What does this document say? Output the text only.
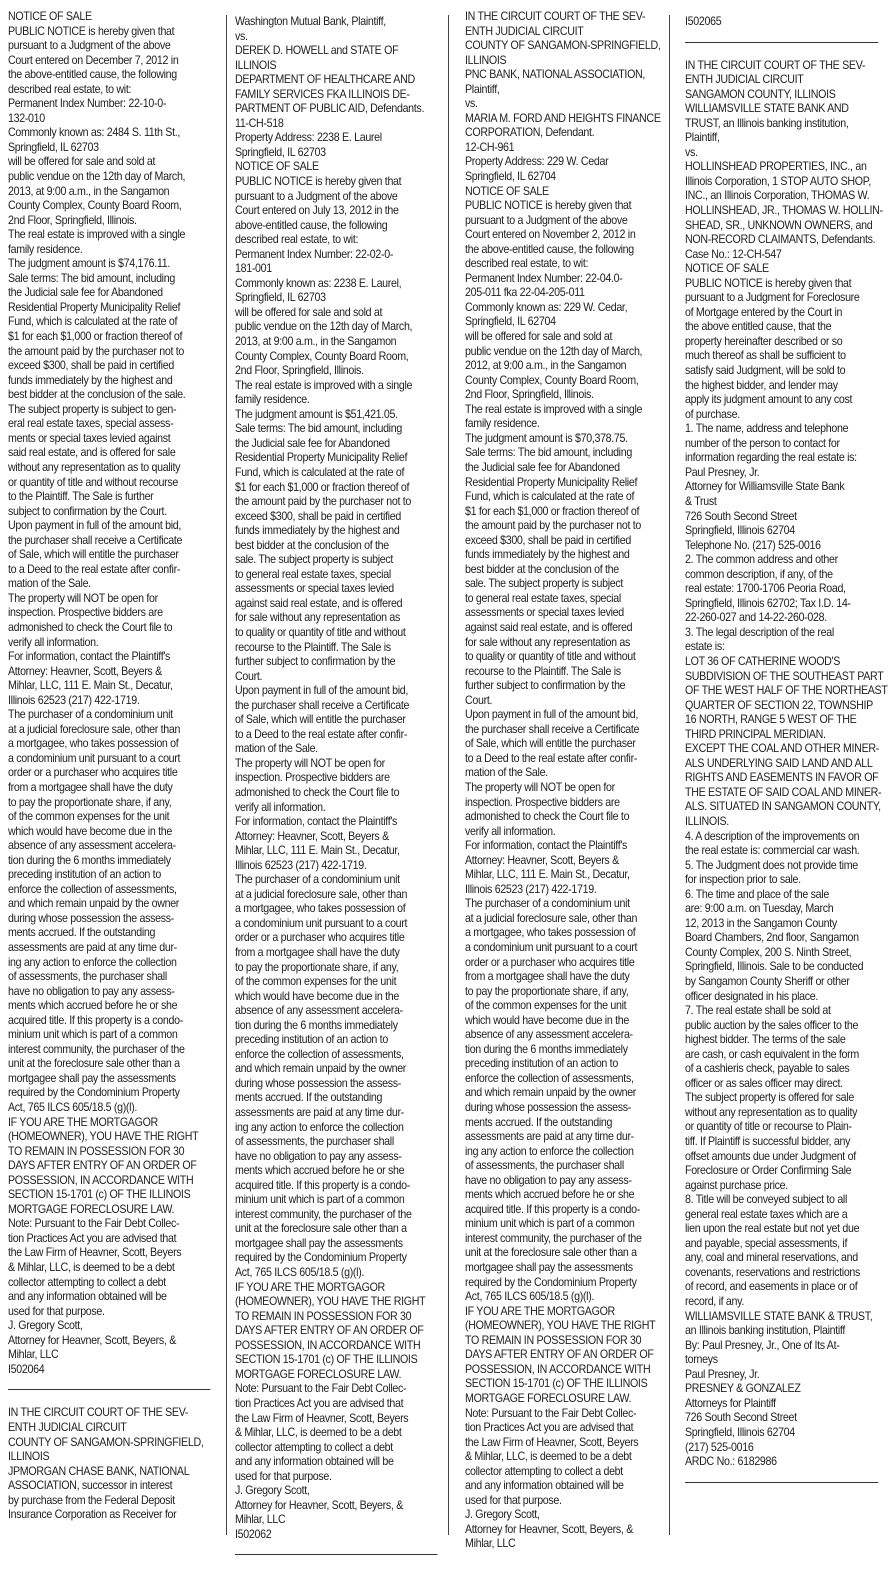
NOTICE OF SALE
PUBLIC NOTICE is hereby given that
pursuant to a Judgment of the above
Court entered on December 7, 2012 in
the above-entitled cause, the following
described real estate, to wit:
Permanent Index Number: 22-10-0-
132-010
Commonly known as: 2484 S. 11th St.,
Springfield, IL 62703
will be offered for sale and sold at
public vendue on the 12th day of March,
2013, at 9:00 a.m., in the Sangamon
County Complex, County Board Room,
2nd Floor, Springfield, Illinois.
The real estate is improved with a single
family residence.
The judgment amount is $74,176.11.
Sale terms: The bid amount, including
the Judicial sale fee for Abandoned
Residential Property Municipality Relief
Fund, which is calculated at the rate of
$1 for each $1,000 or fraction thereof of
the amount paid by the purchaser not to
exceed $300, shall be paid in certified
funds immediately by the highest and
best bidder at the conclusion of the sale.
The subject property is subject to gen-
eral real estate taxes, special assess-
ments or special taxes levied against
said real estate, and is offered for sale
without any representation as to quality
or quantity of title and without recourse
to the Plaintiff. The Sale is further
subject to confirmation by the Court.
Upon payment in full of the amount bid,
the purchaser shall receive a Certificate
of Sale, which will entitle the purchaser
to a Deed to the real estate after confir-
mation of the Sale.
The property will NOT be open for
inspection. Prospective bidders are
admonished to check the Court file to
verify all information.
For information, contact the Plaintiff's
Attorney: Heavner, Scott, Beyers &
Mihlar, LLC, 111 E. Main St., Decatur,
Illinois 62523 (217) 422-1719.
The purchaser of a condominium unit
at a judicial foreclosure sale, other than
a mortgagee, who takes possession of
a condominium unit pursuant to a court
order or a purchaser who acquires title
from a mortgagee shall have the duty
to pay the proportionate share, if any,
of the common expenses for the unit
which would have become due in the
absence of any assessment accelera-
tion during the 6 months immediately
preceding institution of an action to
enforce the collection of assessments,
and which remain unpaid by the owner
during whose possession the assess-
ments accrued. If the outstanding
assessments are paid at any time dur-
ing any action to enforce the collection
of assessments, the purchaser shall
have no obligation to pay any assess-
ments which accrued before he or she
acquired title. If this property is a condo-
minium unit which is part of a common
interest community, the purchaser of the
unit at the foreclosure sale other than a
mortgagee shall pay the assessments
required by the Condominium Property
Act, 765 ILCS 605/18.5 (g)(l).
IF YOU ARE THE MORTGAGOR
(HOMEOWNER), YOU HAVE THE RIGHT
TO REMAIN IN POSSESSION FOR 30
DAYS AFTER ENTRY OF AN ORDER OF
POSSESSION, IN ACCORDANCE WITH
SECTION 15-1701 (c) OF THE ILLINOIS
MORTGAGE FORECLOSURE LAW.
Note: Pursuant to the Fair Debt Collec-
tion Practices Act you are advised that
the Law Firm of Heavner, Scott, Beyers
& Mihlar, LLC, is deemed to be a debt
collector attempting to collect a debt
and any information obtained will be
used for that purpose.
J. Gregory Scott,
Attorney for Heavner, Scott, Beyers, &
Mihlar, LLC
I502064
IN THE CIRCUIT COURT OF THE SEV-
ENTH JUDICIAL CIRCUIT
COUNTY OF SANGAMON-SPRINGFIELD,
ILLINOIS
JPMORGAN CHASE BANK, NATIONAL
ASSOCIATION, successor in interest
by purchase from the Federal Deposit
Insurance Corporation as Receiver for
Washington Mutual Bank, Plaintiff,
vs.
DEREK D. HOWELL and STATE OF
ILLINOIS
DEPARTMENT OF HEALTHCARE AND
FAMILY SERVICES FKA ILLINOIS DE-
PARTMENT OF PUBLIC AID, Defendants.
11-CH-518
Property Address: 2238 E. Laurel
Springfield, IL 62703
NOTICE OF SALE
PUBLIC NOTICE is hereby given that
pursuant to a Judgment of the above
Court entered on July 13, 2012 in the
above-entitled cause, the following
described real estate, to wit:
Permanent Index Number: 22-02-0-
181-001
Commonly known as: 2238 E. Laurel,
Springfield, IL 62703
will be offered for sale and sold at
public vendue on the 12th day of March,
2013, at 9:00 a.m., in the Sangamon
County Complex, County Board Room,
2nd Floor, Springfield, Illinois.
The real estate is improved with a single
family residence.
The judgment amount is $51,421.05.
Sale terms: The bid amount, including
the Judicial sale fee for Abandoned
Residential Property Municipality Relief
Fund, which is calculated at the rate of
$1 for each $1,000 or fraction thereof of
the amount paid by the purchaser not to
exceed $300, shall be paid in certified
funds immediately by the highest and
best bidder at the conclusion of the
sale. The subject property is subject
to general real estate taxes, special
assessments or special taxes levied
against said real estate, and is offered
for sale without any representation as
to quality or quantity of title and without
recourse to the Plaintiff. The Sale is
further subject to confirmation by the
Court.
Upon payment in full of the amount bid,
the purchaser shall receive a Certificate
of Sale, which will entitle the purchaser
to a Deed to the real estate after confir-
mation of the Sale.
The property will NOT be open for
inspection. Prospective bidders are
admonished to check the Court file to
verify all information.
For information, contact the Plaintiff's
Attorney: Heavner, Scott, Beyers &
Mihlar, LLC, 111 E. Main St., Decatur,
Illinois 62523 (217) 422-1719.
The purchaser of a condominium unit
at a judicial foreclosure sale, other than
a mortgagee, who takes possession of
a condominium unit pursuant to a court
order or a purchaser who acquires title
from a mortgagee shall have the duty
to pay the proportionate share, if any,
of the common expenses for the unit
which would have become due in the
absence of any assessment accelera-
tion during the 6 months immediately
preceding institution of an action to
enforce the collection of assessments,
and which remain unpaid by the owner
during whose possession the assess-
ments accrued. If the outstanding
assessments are paid at any time dur-
ing any action to enforce the collection
of assessments, the purchaser shall
have no obligation to pay any assess-
ments which accrued before he or she
acquired title. If this property is a condo-
minium unit which is part of a common
interest community, the purchaser of the
unit at the foreclosure sale other than a
mortgagee shall pay the assessments
required by the Condominium Property
Act, 765 ILCS 605/18.5 (g)(l).
IF YOU ARE THE MORTGAGOR
(HOMEOWNER), YOU HAVE THE RIGHT
TO REMAIN IN POSSESSION FOR 30
DAYS AFTER ENTRY OF AN ORDER OF
POSSESSION, IN ACCORDANCE WITH
SECTION 15-1701 (c) OF THE ILLINOIS
MORTGAGE FORECLOSURE LAW.
Note: Pursuant to the Fair Debt Collec-
tion Practices Act you are advised that
the Law Firm of Heavner, Scott, Beyers
& Mihlar, LLC, is deemed to be a debt
collector attempting to collect a debt
and any information obtained will be
used for that purpose.
J. Gregory Scott,
Attorney for Heavner, Scott, Beyers, &
Mihlar, LLC
I502062
IN THE CIRCUIT COURT OF THE SEV-
ENTH JUDICIAL CIRCUIT
COUNTY OF SANGAMON-SPRINGFIELD,
ILLINOIS
PNC BANK, NATIONAL ASSOCIATION,
Plaintiff,
vs.
MARIA M. FORD AND HEIGHTS FINANCE
CORPORATION, Defendant.
12-CH-961
Property Address: 229 W. Cedar
Springfield, IL 62704
NOTICE OF SALE
PUBLIC NOTICE is hereby given that
pursuant to a Judgment of the above
Court entered on November 2, 2012 in
the above-entitled cause, the following
described real estate, to wit:
Permanent Index Number: 22-04.0-
205-011 fka 22-04-205-011
Commonly known as: 229 W. Cedar,
Springfield, IL 62704
will be offered for sale and sold at
public vendue on the 12th day of March,
2012, at 9:00 a.m., in the Sangamon
County Complex, County Board Room,
2nd Floor, Springfield, Illinois.
The real estate is improved with a single
family residence.
The judgment amount is $70,378.75.
Sale terms: The bid amount, including
the Judicial sale fee for Abandoned
Residential Property Municipality Relief
Fund, which is calculated at the rate of
$1 for each $1,000 or fraction thereof of
the amount paid by the purchaser not to
exceed $300, shall be paid in certified
funds immediately by the highest and
best bidder at the conclusion of the
sale. The subject property is subject
to general real estate taxes, special
assessments or special taxes levied
against said real estate, and is offered
for sale without any representation as
to quality or quantity of title and without
recourse to the Plaintiff. The Sale is
further subject to confirmation by the
Court.
Upon payment in full of the amount bid,
the purchaser shall receive a Certificate
of Sale, which will entitle the purchaser
to a Deed to the real estate after confir-
mation of the Sale.
The property will NOT be open for
inspection. Prospective bidders are
admonished to check the Court file to
verify all information.
For information, contact the Plaintiff's
Attorney: Heavner, Scott, Beyers &
Mihlar, LLC, 111 E. Main St., Decatur,
Illinois 62523 (217) 422-1719.
The purchaser of a condominium unit
at a judicial foreclosure sale, other than
a mortgagee, who takes possession of
a condominium unit pursuant to a court
order or a purchaser who acquires title
from a mortgagee shall have the duty
to pay the proportionate share, if any,
of the common expenses for the unit
which would have become due in the
absence of any assessment accelera-
tion during the 6 months immediately
preceding institution of an action to
enforce the collection of assessments,
and which remain unpaid by the owner
during whose possession the assess-
ments accrued. If the outstanding
assessments are paid at any time dur-
ing any action to enforce the collection
of assessments, the purchaser shall
have no obligation to pay any assess-
ments which accrued before he or she
acquired title. If this property is a condo-
minium unit which is part of a common
interest community, the purchaser of the
unit at the foreclosure sale other than a
mortgagee shall pay the assessments
required by the Condominium Property
Act, 765 ILCS 605/18.5 (g)(l).
IF YOU ARE THE MORTGAGOR
(HOMEOWNER), YOU HAVE THE RIGHT
TO REMAIN IN POSSESSION FOR 30
DAYS AFTER ENTRY OF AN ORDER OF
POSSESSION, IN ACCORDANCE WITH
SECTION 15-1701 (c) OF THE ILLINOIS
MORTGAGE FORECLOSURE LAW.
Note: Pursuant to the Fair Debt Collec-
tion Practices Act you are advised that
the Law Firm of Heavner, Scott, Beyers
& Mihlar, LLC, is deemed to be a debt
collector attempting to collect a debt
and any information obtained will be
used for that purpose.
J. Gregory Scott,
Attorney for Heavner, Scott, Beyers, &
Mihlar, LLC
I502065
IN THE CIRCUIT COURT OF THE SEV-
ENTH JUDICIAL CIRCUIT
SANGAMON COUNTY, ILLINOIS
WILLIAMSVILLE STATE BANK AND
TRUST, an Illinois banking institution,
Plaintiff,
vs.
HOLLINSHEAD PROPERTIES, INC., an
Illinois Corporation, 1 STOP AUTO SHOP,
INC., an Illinois Corporation, THOMAS W.
HOLLINSHEAD, JR., THOMAS W. HOLLIN-
SHEAD, SR., UNKNOWN OWNERS, and
NON-RECORD CLAIMANTS, Defendants.
Case No.: 12-CH-547
NOTICE OF SALE
PUBLIC NOTICE is hereby given that
pursuant to a Judgment for Foreclosure
of Mortgage entered by the Court in
the above entitled cause, that the
property hereinafter described or so
much thereof as shall be sufficient to
satisfy said Judgment, will be sold to
the highest bidder, and lender may
apply its judgment amount to any cost
of purchase.
1. The name, address and telephone
number of the person to contact for
information regarding the real estate is:
Paul Presney, Jr.
Attorney for Williamsville State Bank
& Trust
726 South Second Street
Springfield, Illinois 62704
Telephone No. (217) 525-0016
2. The common address and other
common description, if any, of the
real estate: 1700-1706 Peoria Road,
Springfield, Illinois 62702; Tax I.D. 14-
22-260-027 and 14-22-260-028.
3. The legal description of the real
estate is:
LOT 36 OF CATHERINE WOOD'S
SUBDIVISION OF THE SOUTHEAST PART
OF THE WEST HALF OF THE NORTHEAST
QUARTER OF SECTION 22, TOWNSHIP
16 NORTH, RANGE 5 WEST OF THE
THIRD PRINCIPAL MERIDIAN.
EXCEPT THE COAL AND OTHER MINER-
ALS UNDERLYING SAID LAND AND ALL
RIGHTS AND EASEMENTS IN FAVOR OF
THE ESTATE OF SAID COAL AND MINER-
ALS. SITUATED IN SANGAMON COUNTY,
ILLINOIS.
4. A description of the improvements on
the real estate is: commercial car wash.
5. The Judgment does not provide time
for inspection prior to sale.
6. The time and place of the sale
are: 9:00 a.m. on Tuesday, March
12, 2013 in the Sangamon County
Board Chambers, 2nd floor, Sangamon
County Complex, 200 S. Ninth Street,
Springfield, Illinois. Sale to be conducted
by Sangamon County Sheriff or other
officer designated in his place.
7. The real estate shall be sold at
public auction by the sales officer to the
highest bidder. The terms of the sale
are cash, or cash equivalent in the form
of a cashieris check, payable to sales
officer or as sales officer may direct.
The subject property is offered for sale
without any representation as to quality
or quantity of title or recourse to Plain-
tiff. If Plaintiff is successful bidder, any
offset amounts due under Judgment of
Foreclosure or Order Confirming Sale
against purchase price.
8. Title will be conveyed subject to all
general real estate taxes which are a
lien upon the real estate but not yet due
and payable, special assessments, if
any, coal and mineral reservations, and
covenants, reservations and restrictions
of record, and easements in place or of
record, if any.
WILLIAMSVILLE STATE BANK & TRUST,
an Illinois banking institution, Plaintiff
By: Paul Presney, Jr., One of Its At-
torneys
Paul Presney, Jr.
PRESNEY & GONZALEZ
Attorneys for Plaintiff
726 South Second Street
Springfield, Illinois 62704
(217) 525-0016
ARDC No.: 6182986
